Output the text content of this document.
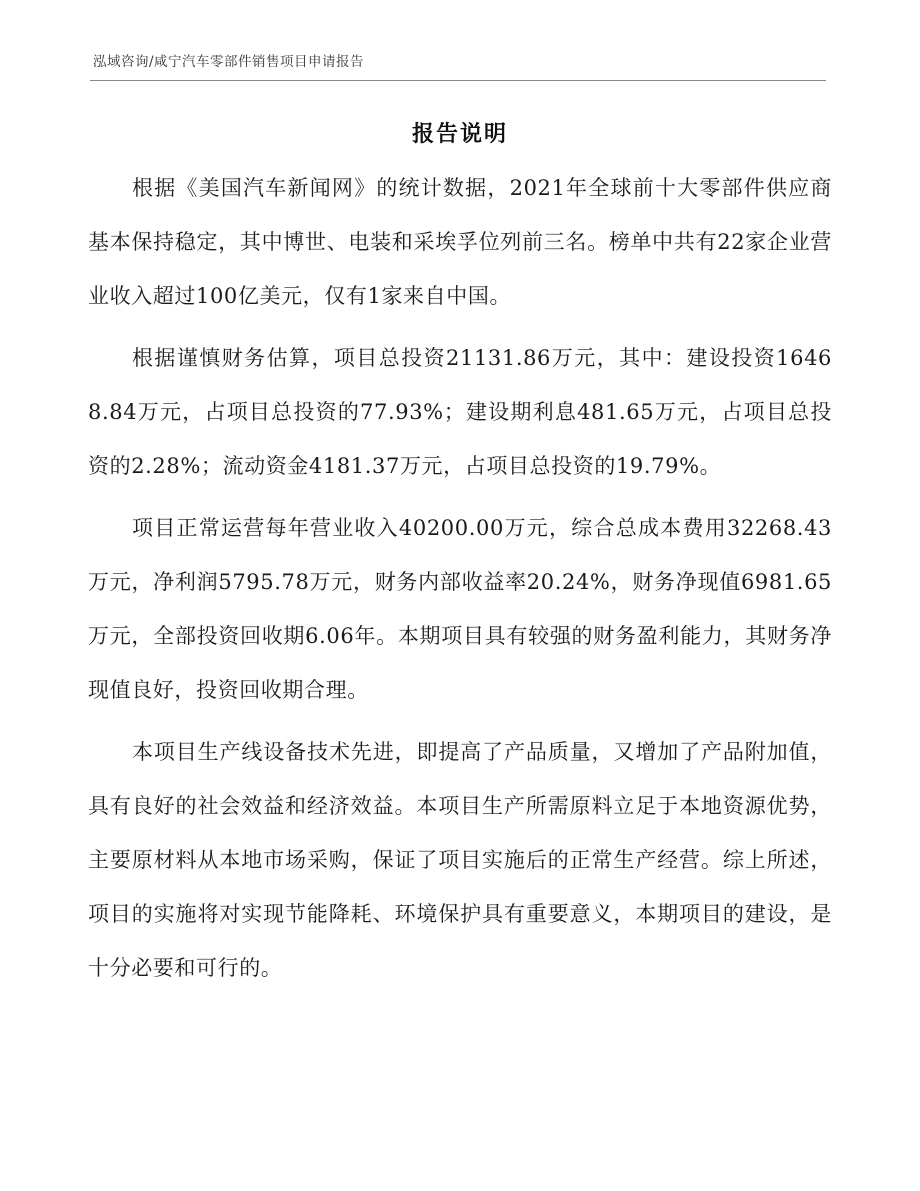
泓域咨询/咸宁汽车零部件销售项目申请报告
报告说明

根据《美国汽车新闻网》的统计数据，2021年全球前十大零部件供应商基本保持稳定，其中博世、电装和采埃孚位列前三名。榜单中共有22家企业营业收入超过100亿美元，仅有1家来自中国。

根据谨慎财务估算，项目总投资21131.86万元，其中：建设投资16468.84万元，占项目总投资的77.93%；建设期利息481.65万元，占项目总投资的2.28%；流动资金4181.37万元，占项目总投资的19.79%。

项目正常运营每年营业收入40200.00万元，综合总成本费用32268.43万元，净利润5795.78万元，财务内部收益率20.24%，财务净现值6981.65万元，全部投资回收期6.06年。本期项目具有较强的财务盈利能力，其财务净现值良好，投资回收期合理。

本项目生产线设备技术先进，即提高了产品质量，又增加了产品附加值，具有良好的社会效益和经济效益。本项目生产所需原料立足于本地资源优势，主要原材料从本地市场采购，保证了项目实施后的正常生产经营。综上所述，项目的实施将对实现节能降耗、环境保护具有重要意义，本期项目的建设，是十分必要和可行的。
